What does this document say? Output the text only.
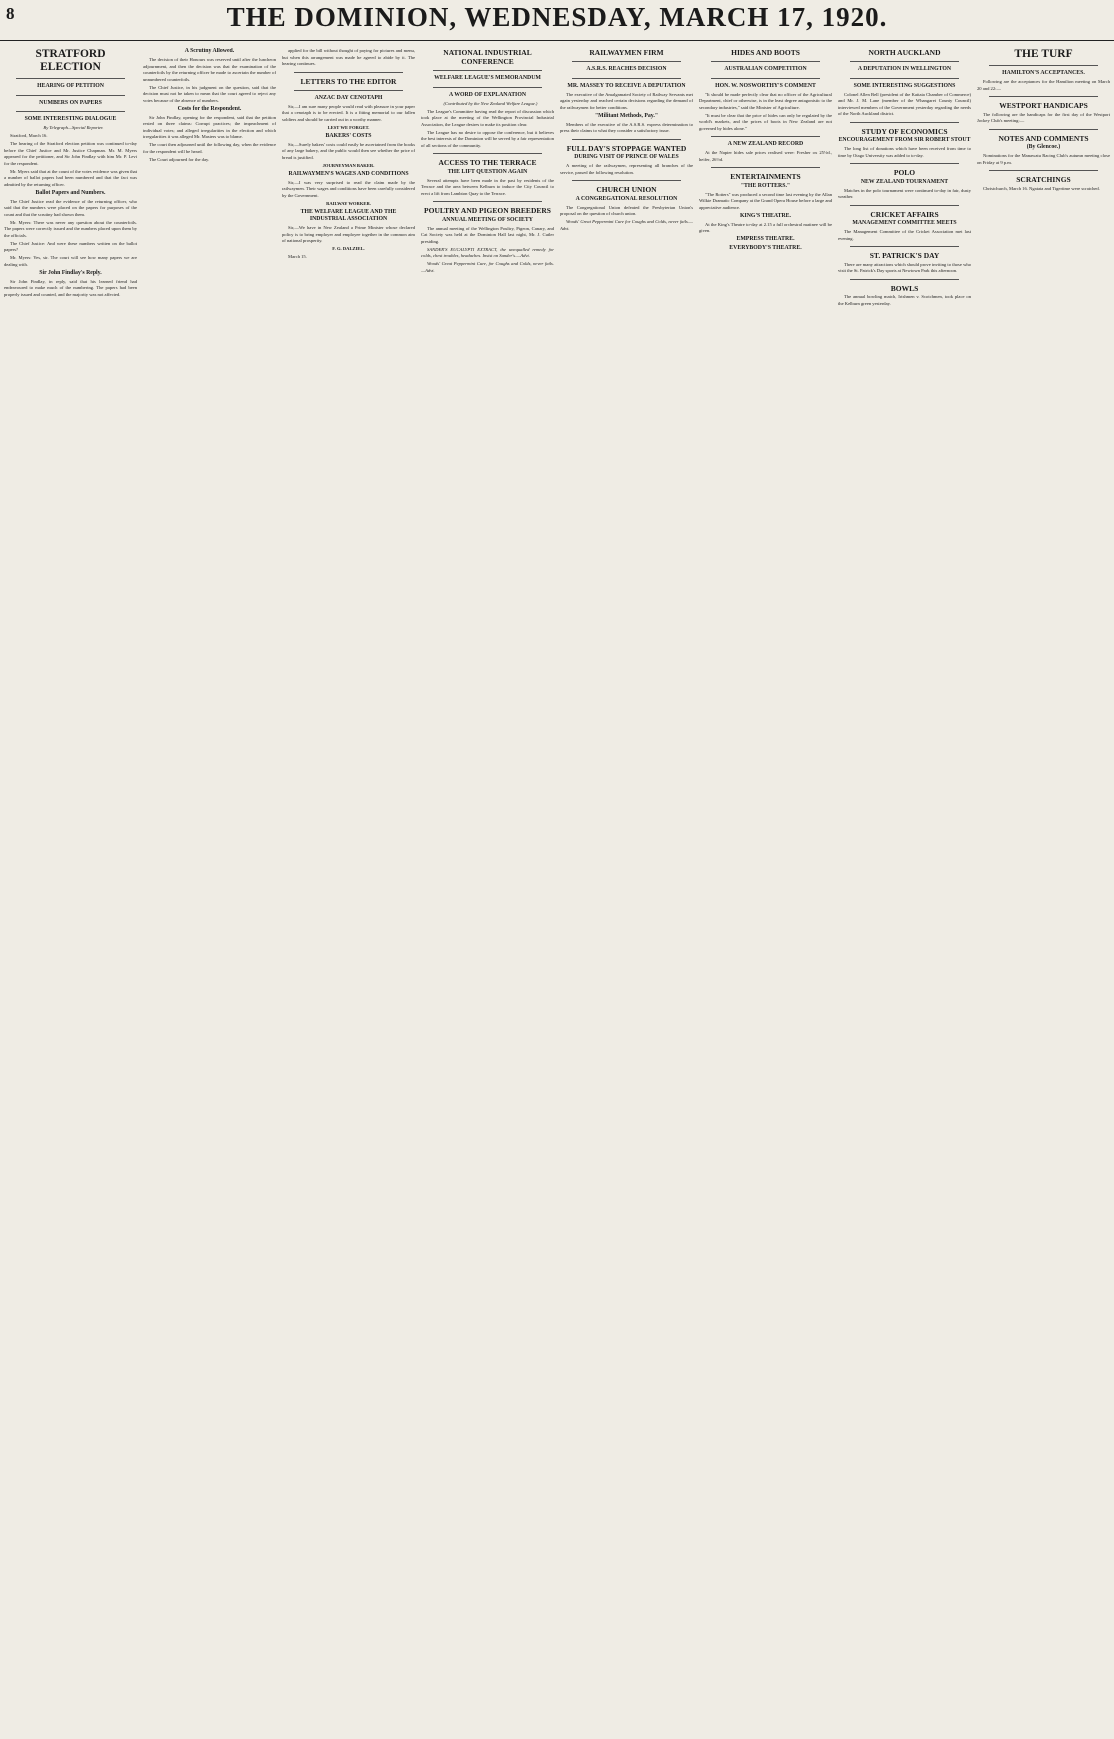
8	THE DOMINION, WEDNESDAY, MARCH 17, 1920.

STRATFORD ELECTION

HEARING OF PETITION

NUMBERS ON PAPERS

SOME INTERESTING DIALOGUE

By Telegraph—Special Reporter.

Stratford, March 16.

The hearing of the Stratford election petition was continued to-day before the Chief Justice and Mr. Justice Chapman. Mr. M. Myers appeared for the petitioner, and Sir John Findlay with him Mr. P. Levi for the respondent.

Mr. Myers said that at the count of the votes evidence was given that a number of ballot papers had been numbered and that the fact was admitted by the returning officer.

Ballot Papers and Numbers.

The Chief Justice read the evidence of the returning officer, who said that the numbers were placed on the papers for purposes of the count and that the scrutiny had shown them.

Mr. Myers: There was never any question about the counterfoils. The papers were correctly issued and the numbers placed upon them by the officials.

The Chief Justice: And were these numbers written on the ballot papers?

Mr. Myers: Yes, sir. The court will see how many papers we are dealing with.

Sir John Findlay's Reply.

Sir John Findlay, in reply, said that his learned friend had endeavoured to make much of the numbering. The papers had been properly issued and counted, and the majority was not affected.

A Scrutiny Allowed.

The decision of their Honours was reserved until after the luncheon adjournment, and then the decision was that the examination of the counterfoils by the returning officer be made to ascertain the number of unnumbered counterfoils.

The Chief Justice, in his judgment on the question, said that the decision must not be taken to mean that the court agreed to reject any votes because of the absence of numbers.

Costs for the Respondent.

Sir John Findlay, opening for the respondent, said that the petition rested on three claims: Corrupt practices; the impeachment of individual votes; and alleged irregularities in the election and which irregularities it was alleged Mr. Masters was to blame.

The court then adjourned until the following day, when the evidence for the respondent will be heard.

The Court adjourned for the day.

applied for the bill without thought of paying for pictures and menu, but when this arrangement was made he agreed to abide by it. The hearing continues.

LETTERS TO THE EDITOR

ANZAC DAY CENOTAPH

Sir,—I am sure many people would read with pleasure in your paper that a cenotaph is to be erected. It is a fitting memorial to our fallen soldiers and should be carried out in a worthy manner.

LEST WE FORGET.

BAKERS' COSTS

Sir,—Surely bakers' costs could easily be ascertained from the books of any large bakery, and the public would then see whether the price of bread is justified.

JOURNEYMAN BAKER.

RAILWAYMEN'S WAGES AND CONDITIONS

Sir,—I was very surprised to read the claim made by the railwaymen. Their wages and conditions have been carefully considered by the Government.

RAILWAY WORKER.

THE WELFARE LEAGUE AND THE INDUSTRIAL ASSOCIATION

Sir,—We have in New Zealand a Prime Minister whose declared policy is to bring employer and employee together in the common aim of national prosperity.

F. G. DALZIEL.

March 15.

NATIONAL INDUSTRIAL CONFERENCE

WELFARE LEAGUE'S MEMORANDUM

A WORD OF EXPLANATION

(Contributed by the New Zealand Welfare League.)

The League's Committee having read the report of discussion which took place at the meeting of the Wellington Provincial Industrial Association, the League desires to make its position clear.

The League has no desire to oppose the conference, but it believes the best interests of the Dominion will be served by a fair representation of all sections of the community.

ACCESS TO THE TERRACE

THE LIFT QUESTION AGAIN

Several attempts have been made in the past by residents of the Terrace and the area between Kelburn to induce the City Council to erect a lift from Lambton Quay to the Terrace.

POULTRY AND PIGEON BREEDERS

ANNUAL MEETING OF SOCIETY

The annual meeting of the Wellington Poultry, Pigeon, Canary, and Cat Society was held at the Dominion Hall last night, Mr. J. Cutler presiding.

SANDER'S EUCALYPTI EXTRACT, the unequalled remedy for colds, chest troubles, headaches. Insist on Sander's.—Advt.

Woods' Great Peppermint Cure, for Coughs and Colds, never fails.—Advt.

RAILWAYMEN FIRM

A.S.R.S. REACHES DECISION

MR. MASSEY TO RECEIVE A DEPUTATION

The executive of the Amalgamated Society of Railway Servants met again yesterday and reached certain decisions regarding the demand of the railwaymen for better conditions.

"Militant Methods, Pay."

Members of the executive of the A.S.R.S. express determination to press their claims to what they consider a satisfactory issue.

FULL DAY'S STOPPAGE WANTED

DURING VISIT OF PRINCE OF WALES

A meeting of the railwaymen, representing all branches of the service, passed the following resolution.

CHURCH UNION

A CONGREGATIONAL RESOLUTION

The Congregational Union defeated the Presbyterian Union's proposal on the question of church union.

Woods' Great Peppermint Cure for Coughs and Colds, never fails.—Advt.

HIDES AND BOOTS

AUSTRALIAN COMPETITION

HON. W. NOSWORTHY'S COMMENT

"It should be made perfectly clear that no officer of the Agricultural Department, chief or otherwise, is in the least degree antagonistic to the secondary industries," said the Minister of Agriculture.

"It must be clear that the price of hides can only be regulated by the world's markets, and the prices of boots in New Zealand are not governed by hides alone."

A NEW ZEALAND RECORD

At the Napier hides sale prices realised were: Fresher ox 25½d., heifer, 26½d.

ENTERTAINMENTS

"THE ROTTERS."

"The Rotters" was produced a second time last evening by the Allan Wilkie Dramatic Company at the Grand Opera House before a large and appreciative audience.

KING'S THEATRE.

At the King's Theatre to-day at 2.15 a full orchestral matinee will be given.

EMPRESS THEATRE.

EVERYBODY'S THEATRE.

NORTH AUCKLAND

A DEPUTATION IN WELLINGTON

SOME INTERESTING SUGGESTIONS

Colonel Allen Bell (president of the Kaitaia Chamber of Commerce) and Mr. J. M. Lane (member of the Whangarei County Council) interviewed members of the Government yesterday regarding the needs of the North Auckland district.

STUDY OF ECONOMICS

ENCOURAGEMENT FROM SIR ROBERT STOUT

The long list of donations which have been received from time to time by Otago University was added to to-day.

POLO

NEW ZEALAND TOURNAMENT

Matches in the polo tournament were continued to-day in fair, dusty weather.

CRICKET AFFAIRS

MANAGEMENT COMMITTEE MEETS

The Management Committee of the Cricket Association met last evening.

ST. PATRICK'S DAY

There are many attractions which should prove inviting to those who visit the St. Patrick's Day sports at Newtown Park this afternoon.

BOWLS

The annual bowling match, Irishmen v. Scotchmen, took place on the Kelburn green yesterday.

THE TURF

HAMILTON'S ACCEPTANCES.

Following are the acceptances for the Hamilton meeting on March 20 and 22:—

WESTPORT HANDICAPS

The following are the handicaps for the first day of the Westport Jockey Club's meeting:—

NOTES AND COMMENTS

(By Glencoe.)

Nominations for the Manawatu Racing Club's autumn meeting close on Friday at 9 p.m.

SCRATCHINGS

Christchurch, March 16. Ngatata and Tigertime were scratched.
